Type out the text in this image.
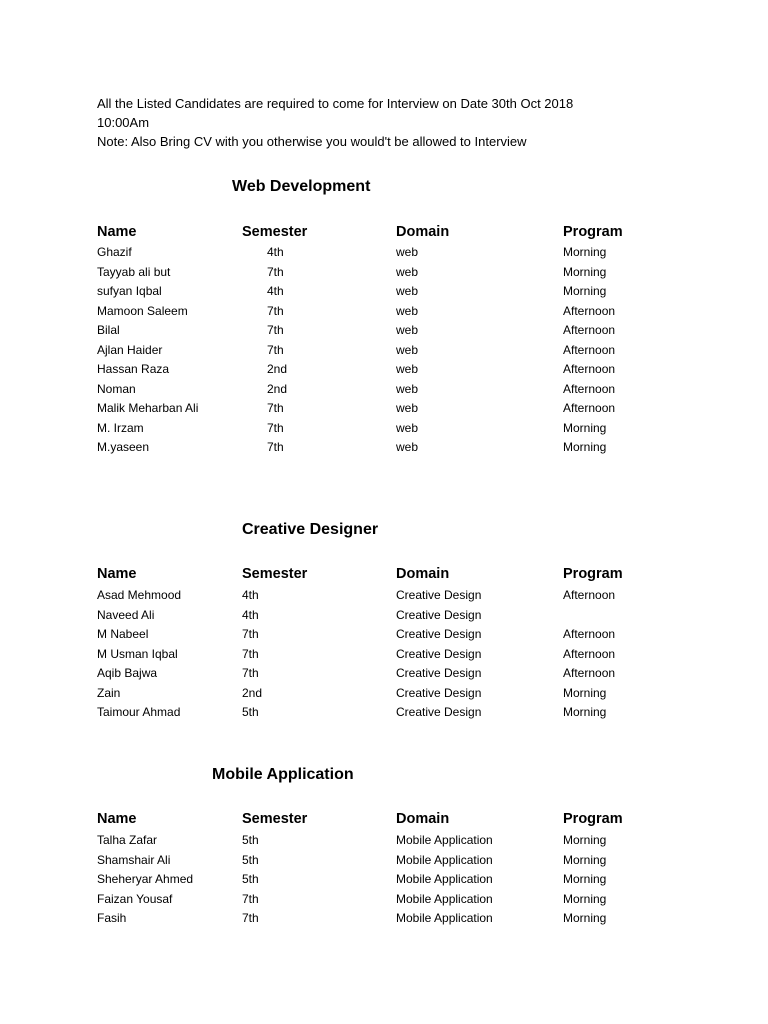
All the Listed Candidates are required to come for Interview on Date 30th Oct 2018
10:00Am
Note: Also Bring CV with you otherwise you would't be allowed to Interview
Web Development
Name	Semester	Domain	Program
Ghazif	4th	web	Morning
Tayyab ali but	7th	web	Morning
sufyan Iqbal	4th	web	Morning
Mamoon Saleem	7th	web	Afternoon
Bilal	7th	web	Afternoon
Ajlan Haider	7th	web	Afternoon
Hassan Raza	2nd	web	Afternoon
Noman	2nd	web	Afternoon
Malik Meharban Ali	7th	web	Afternoon
M. Irzam	7th	web	Morning
M.yaseen	7th	web	Morning
Creative Designer
Name	Semester	Domain	Program
Asad Mehmood	4th	Creative Design	Afternoon
Naveed Ali	4th	Creative Design
M Nabeel	7th	Creative Design	Afternoon
M Usman Iqbal	7th	Creative Design	Afternoon
Aqib Bajwa	7th	Creative Design	Afternoon
Zain	2nd	Creative Design	Morning
Taimour Ahmad	5th	Creative Design	Morning
Mobile Application
Name	Semester	Domain	Program
Talha Zafar	5th	Mobile Application	Morning
Shamshair Ali	5th	Mobile Application	Morning
Sheheryar Ahmed	5th	Mobile Application	Morning
Faizan Yousaf	7th	Mobile Application	Morning
Fasih	7th	Mobile Application	Morning
